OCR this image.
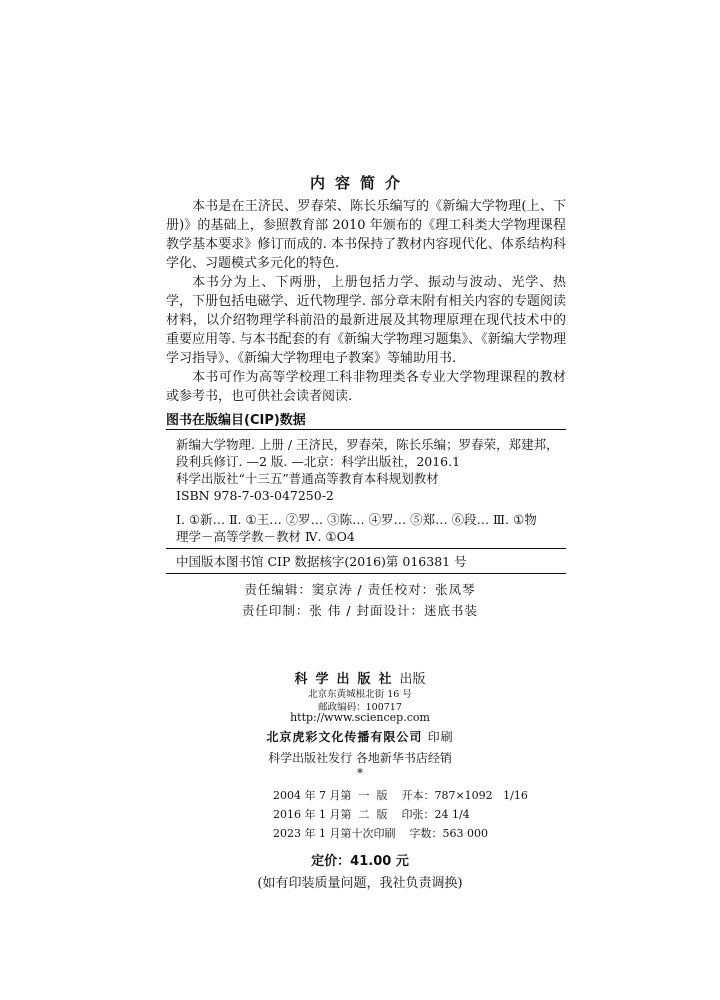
内容简介

本书是在王济民、罗春荣、陈长乐编写的《新编大学物理(上、下册)》的基础上，参照教育部 2010 年颁布的《理工科类大学物理课程教学基本要求》修订而成的. 本书保持了教材内容现代化、体系结构科学化、习题模式多元化的特色.

本书分为上、下两册，上册包括力学、振动与波动、光学、热学，下册包括电磁学、近代物理学. 部分章末附有相关内容的专题阅读材料，以介绍物理学科前沿的最新进展及其物理原理在现代技术中的重要应用等. 与本书配套的有《新编大学物理习题集》、《新编大学物理学习指导》、《新编大学物理电子教案》等辅助用书.

本书可作为高等学校理工科非物理类各专业大学物理课程的教材或参考书，也可供社会读者阅读.

图书在版编目(CIP)数据
新编大学物理. 上册 / 王济民，罗春荣，陈长乐编；罗春荣，郑建邦，
段利兵修订. —2 版. —北京：科学出版社，2016.1
科学出版社“十三五”普通高等教育本科规划教材
ISBN 978-7-03-047250-2
Ⅰ. ①新… Ⅱ. ①王… ②罗… ③陈… ④罗… ⑤郑… ⑥段… Ⅲ. ①物
理学－高等学教－教材 Ⅳ. ①O4
中国版本图书馆 CIP 数据核字(2016)第 016381 号
责任编辑：窦京涛 / 责任校对：张凤琴
责任印制：张 伟 / 封面设计：迷底书装
科学出版社出版
北京东黄城根北街 16 号
邮政编码：100717
http://www.sciencep.com
北京虎彩文化传播有限公司 印刷
科学出版社发行 各地新华书店经销
*
2004 年 7 月第  一  版    开本：787×1092   1/16
2016 年 1 月第  二  版    印张：24 1/4
2023 年 1 月第十次印刷    字数：563 000
定价：41.00 元
(如有印装质量问题，我社负责调换)
